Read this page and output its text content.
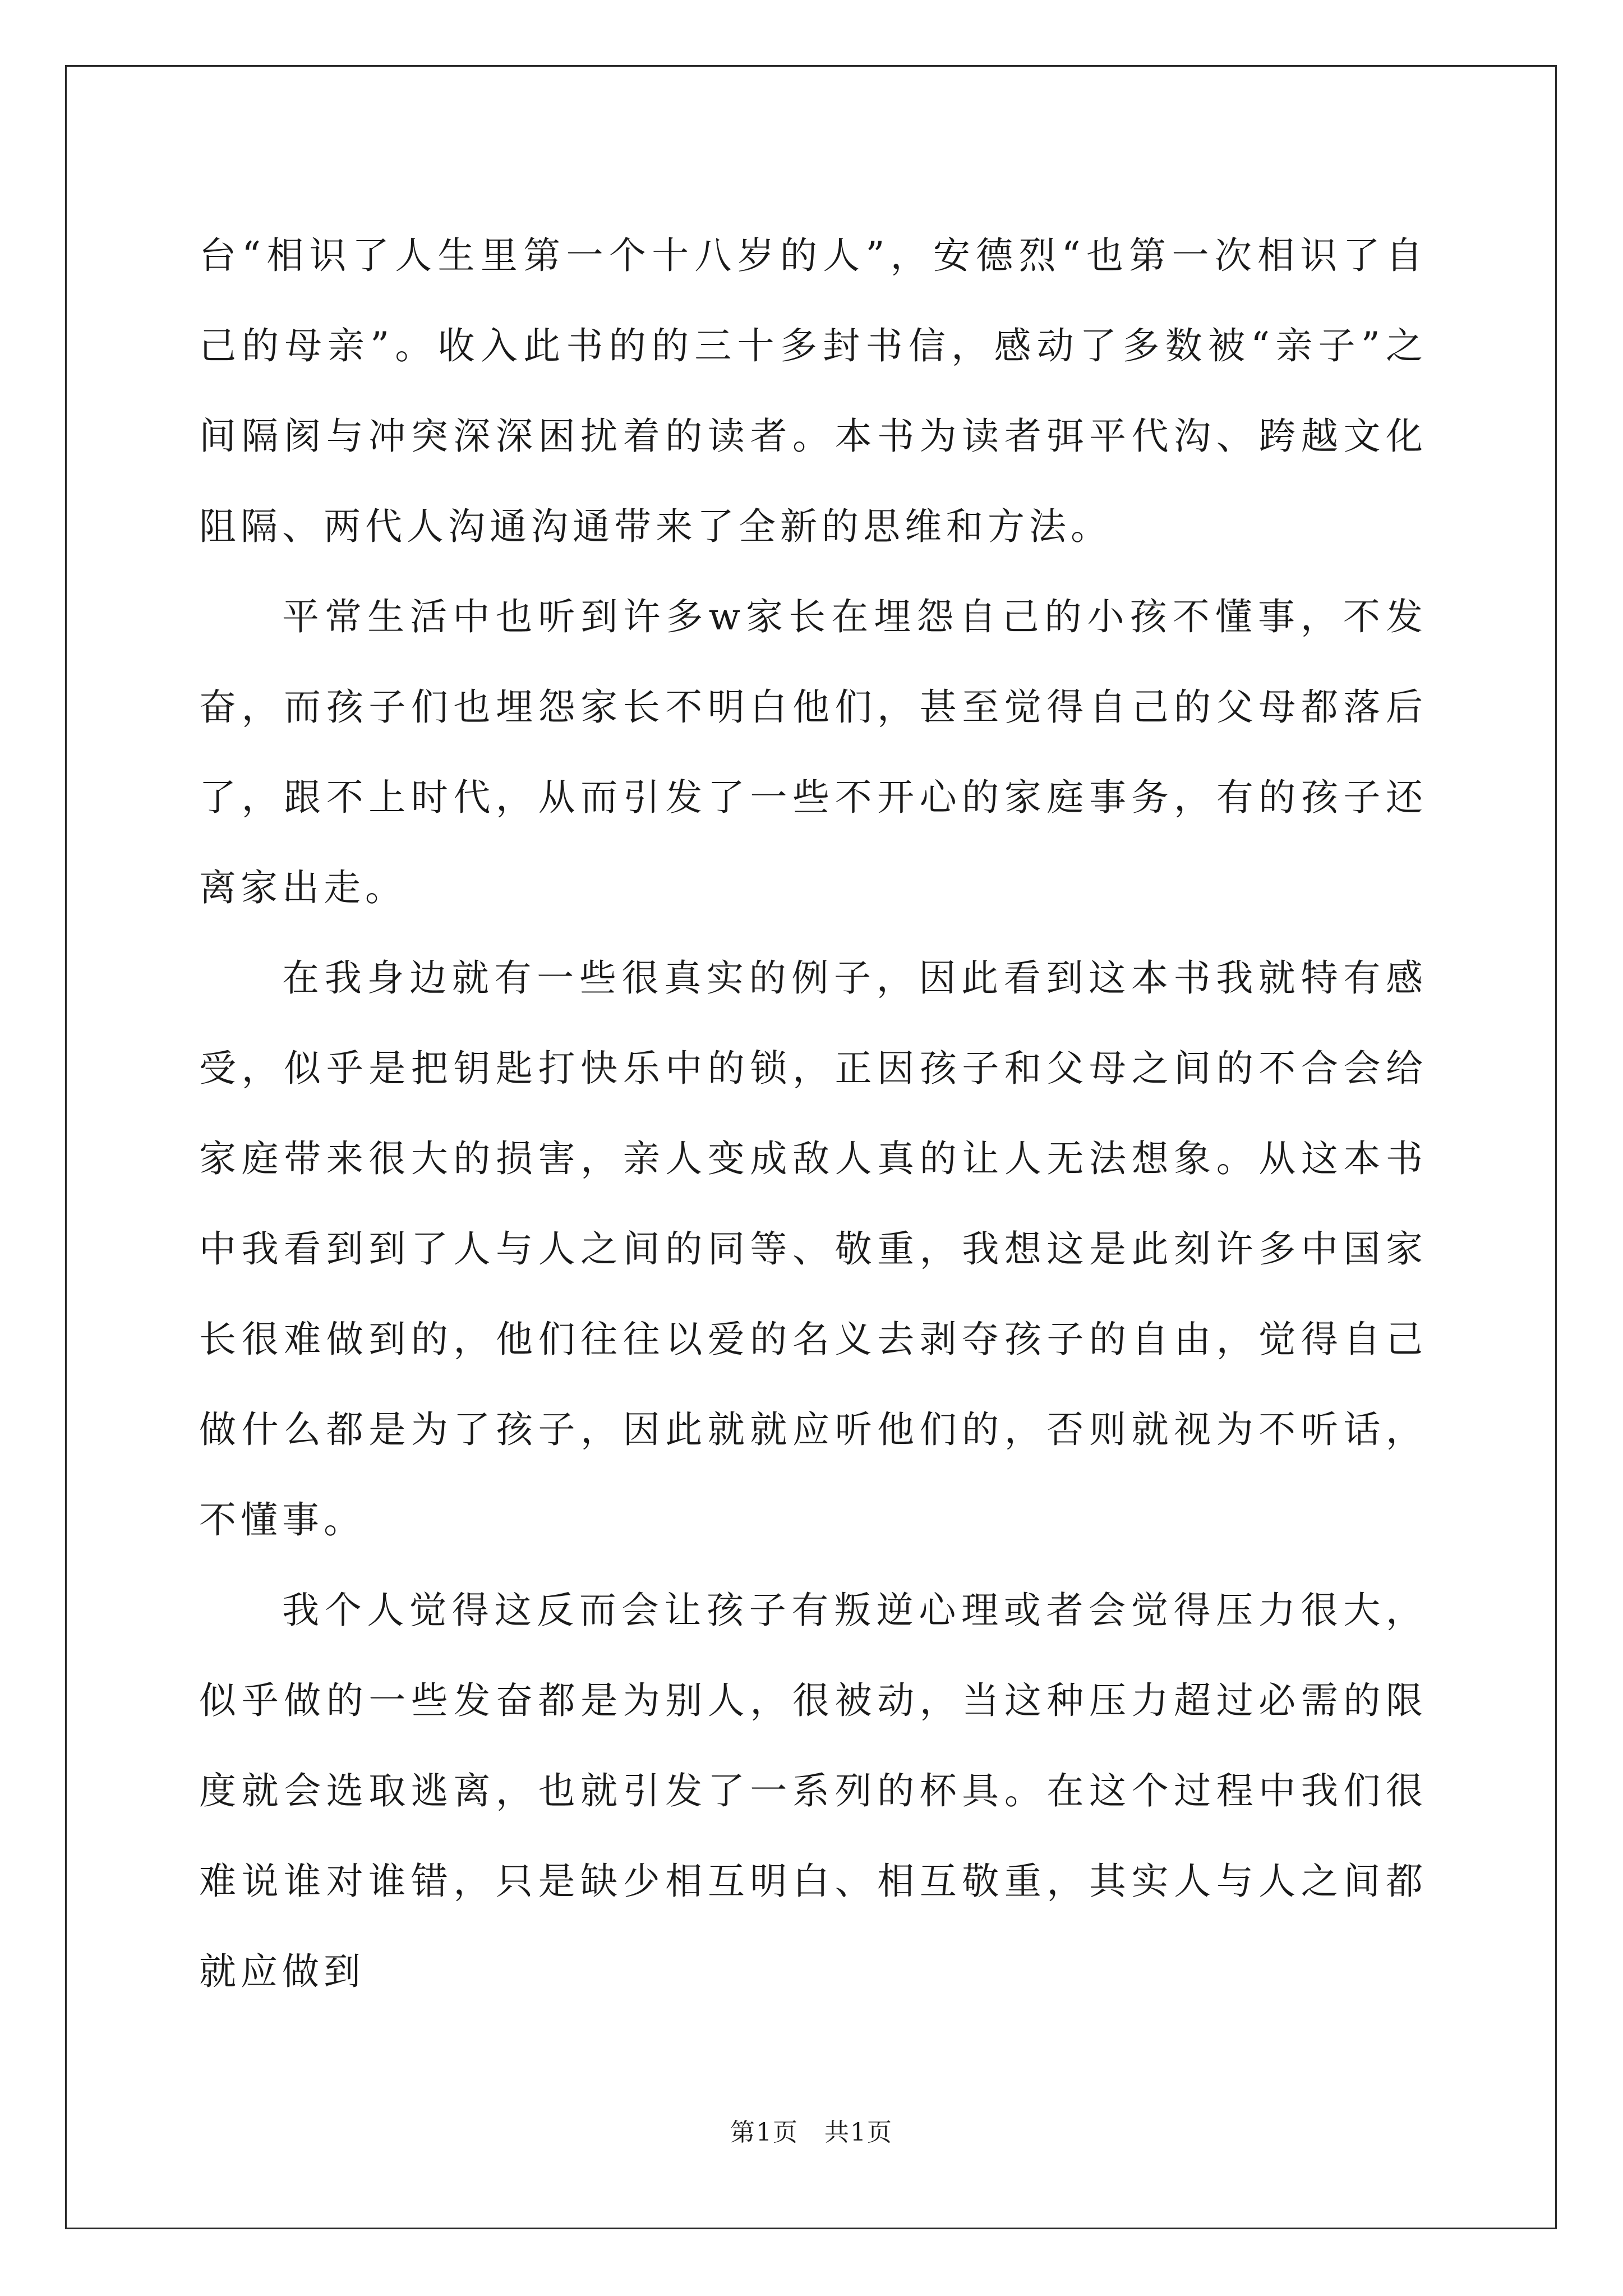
台“相识了人生里第一个十八岁的人”，安德烈“也第一次相识了自己的母亲”。收入此书的的三十多封书信，感动了多数被“亲子”之间隔阂与冲突深深困扰着的读者。本书为读者弭平代沟、跨越文化阻隔、两代人沟通沟通带来了全新的思维和方法。

平常生活中也听到许多w家长在埋怨自己的小孩不懂事，不发奋，而孩子们也埋怨家长不明白他们，甚至觉得自己的父母都落后了，跟不上时代，从而引发了一些不开心的家庭事务，有的孩子还离家出走。

在我身边就有一些很真实的例子，因此看到这本书我就特有感受，似乎是把钥匙打快乐中的锁，正因孩子和父母之间的不合会给家庭带来很大的损害，亲人变成敌人真的让人无法想象。从这本书中我看到到了人与人之间的同等、敬重，我想这是此刻许多中国家长很难做到的，他们往往以爱的名义去剥夺孩子的自由，觉得自己做什么都是为了孩子，因此就就应听他们的，否则就视为不听话，不懂事。

我个人觉得这反而会让孩子有叛逆心理或者会觉得压力很大，似乎做的一些发奋都是为别人，很被动，当这种压力超过必需的限度就会选取逃离，也就引发了一系列的杯具。在这个过程中我们很难说谁对谁错，只是缺少相互明白、相互敬重，其实人与人之间都就应做到

第1页　共1页
